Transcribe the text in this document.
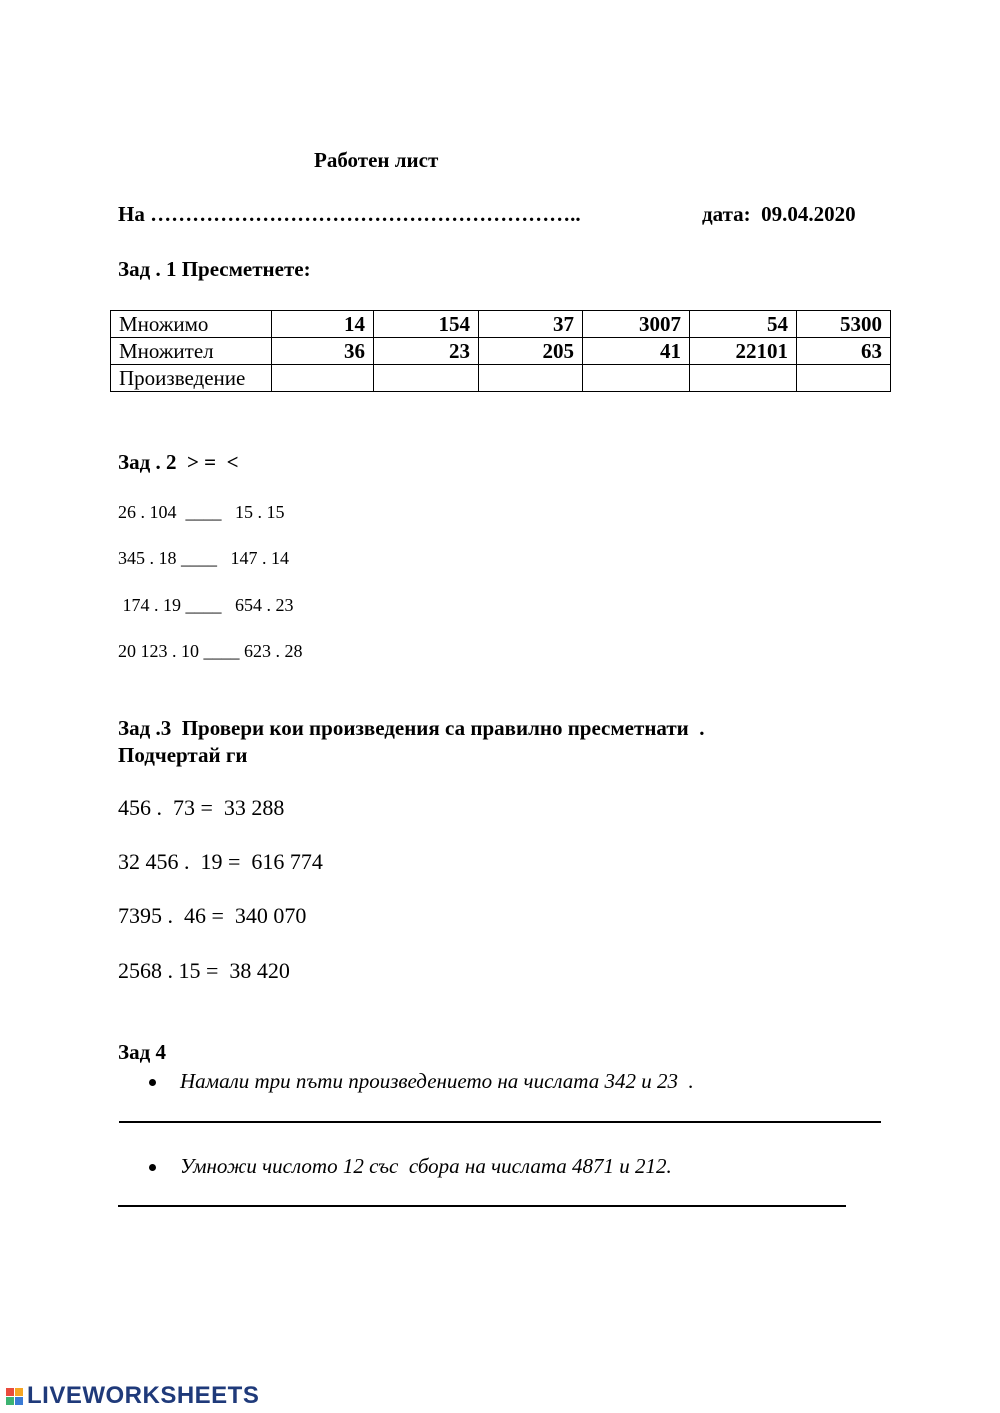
Работен лист
На ……………………………………………………..	дата:  09.04.2020
Зад . 1 Пресметнете:
Множимо	14	154	37	3007	54	5300
Множител	36	23	205	41	22101	63
Произведение						
Зад . 2  > =  <
26 . 104  ____   15 . 15
345 . 18 ____   147 . 14
174 . 19 ____   654 . 23
20 123 . 10 ____ 623 . 28
Зад .3  Провери кои произведения са правилно пресметнати  .
Подчертай ги
456 .  73 =  33 288
32 456 .  19 =  616 774
7395 .  46 =  340 070
2568 . 15 =  38 420
Зад 4
Намали три пъти произведението на числата 342 и 23  .
Умножи числото 12 със  сбора на числата 4871 и 212.
LIVEWORKSHEETS
